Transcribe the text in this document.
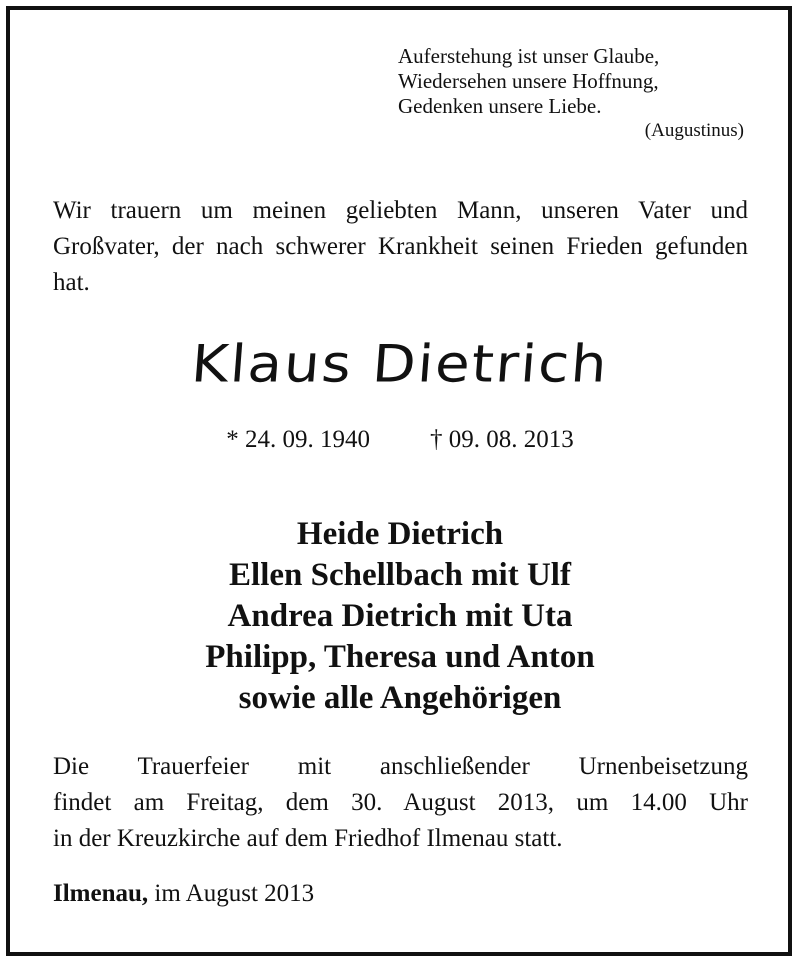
Auferstehung ist unser Glaube,
Wiedersehen unsere Hoffnung,
Gedenken unsere Liebe.
(Augustinus)
Wir trauern um meinen geliebten Mann, unseren Vater und Großvater, der nach schwerer Krankheit seinen Frieden gefunden hat.
Klaus Dietrich
* 24. 09. 1940 † 09. 08. 2013
Heide Dietrich
Ellen Schellbach mit Ulf
Andrea Dietrich mit Uta
Philipp, Theresa und Anton
sowie alle Angehörigen
Die Trauerfeier mit anschließender Urnenbeisetzung
findet am Freitag, dem 30. August 2013, um 14.00 Uhr
in der Kreuzkirche auf dem Friedhof Ilmenau statt.
Ilmenau, im August 2013
